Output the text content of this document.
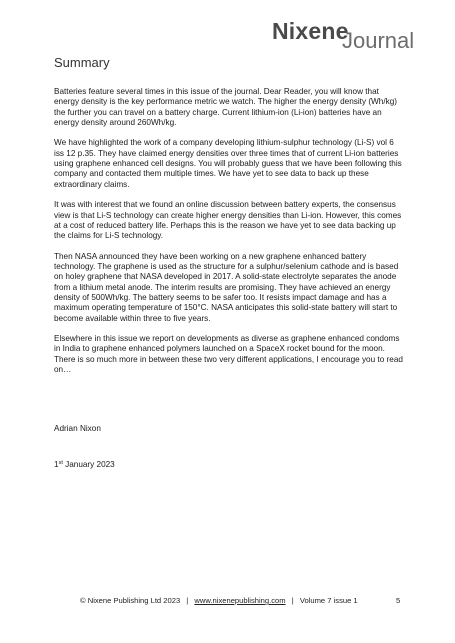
Nixene
Journal
Summary

Batteries feature several times in this issue of the journal. Dear Reader, you will know that energy density is the key performance metric we watch. The higher the energy density (Wh/kg) the further you can travel on a battery charge. Current lithium-ion (Li-ion) batteries have an energy density around 260Wh/kg.

We have highlighted the work of a company developing lithium-sulphur technology (Li-S) vol 6 iss 12 p.35. They have claimed energy densities over three times that of current Li-ion batteries using graphene enhanced cell designs. You will probably guess that we have been following this company and contacted them multiple times. We have yet to see data to back up these extraordinary claims.

It was with interest that we found an online discussion between battery experts, the consensus view is that Li-S technology can create higher energy densities than Li-ion. However, this comes at a cost of reduced battery life. Perhaps this is the reason we have yet to see data backing up the claims for Li-S technology.

Then NASA announced they have been working on a new graphene enhanced battery technology. The graphene is used as the structure for a sulphur/selenium cathode and is based on holey graphene that NASA developed in 2017. A solid-state electrolyte separates the anode from a lithium metal anode. The interim results are promising. They have achieved an energy density of 500Wh/kg. The battery seems to be safer too. It resists impact damage and has a maximum operating temperature of 150°C. NASA anticipates this solid-state battery will start to become available within three to five years.

Elsewhere in this issue we report on developments as diverse as graphene enhanced condoms in India to graphene enhanced polymers launched on a SpaceX rocket bound for the moon. There is so much more in between these two very different applications, I encourage you to read on…

Adrian Nixon
1st January 2023
© Nixene Publishing Ltd 2023 | www.nixenepublishing.com | Volume 7 issue 1	5
